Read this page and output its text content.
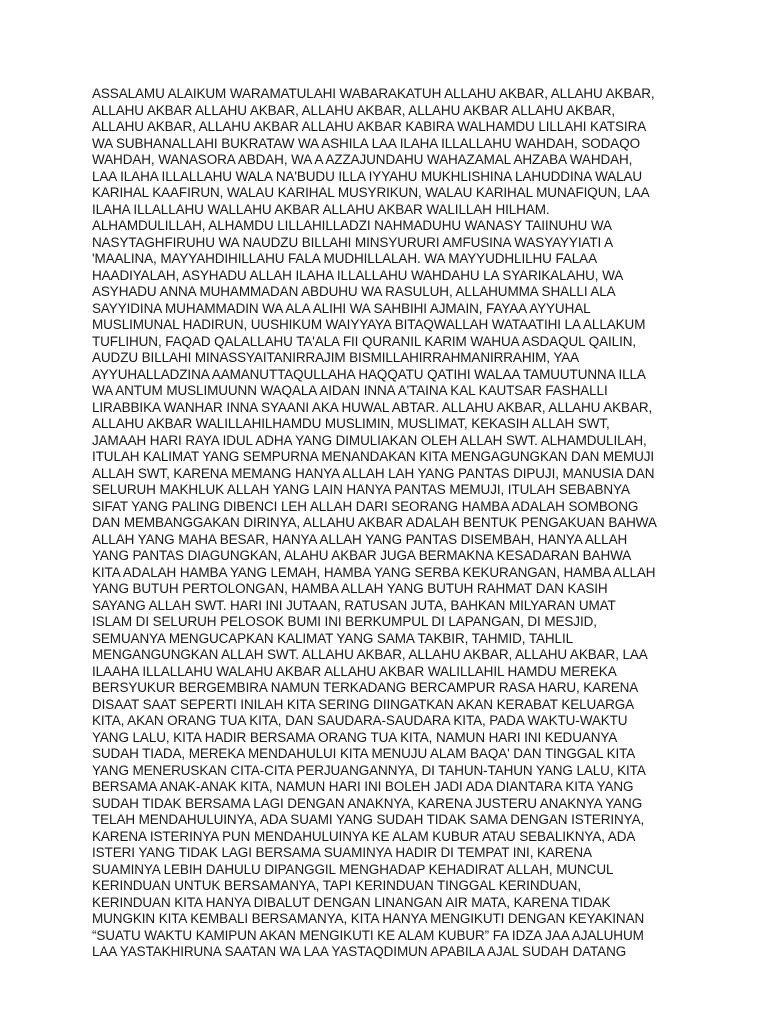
ASSALAMU ALAIKUM WARAMATULAHI WABARAKATUH ALLAHU AKBAR, ALLAHU AKBAR,
ALLAHU AKBAR ALLAHU AKBAR, ALLAHU AKBAR, ALLAHU AKBAR ALLAHU AKBAR,
ALLAHU AKBAR, ALLAHU AKBAR ALLAHU AKBAR KABIRA WALHAMDU LILLAHI KATSIRA
WA SUBHANALLAHI BUKRATAW WA ASHILA LAA ILAHA ILLALLAHU WAHDAH, SODAQO
WAHDAH, WANASORA ABDAH, WA A AZZAJUNDAHU WAHAZAMAL AHZABA WAHDAH,
LAA ILAHA ILLALLAHU WALA NA'BUDU ILLA IYYAHU MUKHLISHINA LAHUDDINA WALAU
KARIHAL KAAFIRUN, WALAU KARIHAL MUSYRIKUN, WALAU KARIHAL MUNAFIQUN, LAA
ILAHA ILLALLAHU WALLAHU AKBAR ALLAHU AKBAR WALILLAH HILHAM.
ALHAMDULILLAH, ALHAMDU LILLAHILLADZI NAHMADUHU WANASY TAIINUHU WA
NASYTAGHFIRUHU WA NAUDZU BILLAHI MINSYURURI AMFUSINA WASYAYYIATI A
'MAALINA, MAYYAHDIHILLAHU FALA MUDHILLALAH. WA MAYYUDHLILHU FALAA
HAADIYALAH, ASYHADU ALLAH ILAHA ILLALLAHU WAHDAHU LA SYARIKALAHU, WA
ASYHADU ANNA MUHAMMADAN ABDUHU WA RASULUH, ALLAHUMMA SHALLI ALA
SAYYIDINA MUHAMMADIN WA ALA ALIHI WA SAHBIHI AJMAIN, FAYAA AYYUHAL
MUSLIMUNAL HADIRUN, UUSHIKUM WAIYYAYA BITAQWALLAH WATAATIHI LA ALLAKUM
TUFLIHUN, FAQAD QALALLAHU TA'ALA FII QURANIL KARIM WAHUA ASDAQUL QAILIN,
AUDZU BILLAHI MINASSYAITANIRRAJIM BISMILLAHIRRAHMANIRRAHIM, YAA
AYYUHALLADZINA AAMANUTTAQULLAHA HAQQATU QATIHI WALAA TAMUUTUNNA ILLA
WA ANTUM MUSLIMUUNN WAQALA AIDAN INNA A'TAINA KAL KAUTSAR FASHALLI
LIRABBIKA WANHAR INNA SYAANI AKA HUWAL ABTAR. ALLAHU AKBAR, ALLAHU AKBAR,
ALLAHU AKBAR WALILLAHILHAMDU MUSLIMIN, MUSLIMAT, KEKASIH ALLAH SWT,
JAMAAH HARI RAYA IDUL ADHA YANG DIMULIAKAN OLEH ALLAH SWT. ALHAMDULILAH,
ITULAH KALIMAT YANG SEMPURNA MENANDAKAN KITA MENGAGUNGKAN DAN MEMUJI
ALLAH SWT, KARENA MEMANG HANYA ALLAH LAH YANG PANTAS DIPUJI, MANUSIA DAN
SELURUH MAKHLUK ALLAH YANG LAIN HANYA PANTAS MEMUJI, ITULAH SEBABNYA
SIFAT YANG PALING DIBENCI LEH ALLAH DARI SEORANG HAMBA ADALAH SOMBONG
DAN MEMBANGGAKAN DIRINYA, ALLAHU AKBAR ADALAH BENTUK PENGAKUAN BAHWA
ALLAH YANG MAHA BESAR, HANYA ALLAH YANG PANTAS DISEMBAH, HANYA ALLAH
YANG PANTAS DIAGUNGKAN, ALAHU AKBAR JUGA BERMAKNA KESADARAN BAHWA
KITA ADALAH HAMBA YANG LEMAH, HAMBA YANG SERBA KEKURANGAN, HAMBA ALLAH
YANG BUTUH PERTOLONGAN, HAMBA ALLAH YANG BUTUH RAHMAT DAN KASIH
SAYANG ALLAH SWT. HARI INI JUTAAN, RATUSAN JUTA, BAHKAN MILYARAN UMAT
ISLAM DI SELURUH PELOSOK BUMI INI BERKUMPUL DI LAPANGAN, DI MESJID,
SEMUANYA MENGUCAPKAN KALIMAT YANG SAMA TAKBIR, TAHMID, TAHLIL
MENGANGUNGKAN ALLAH SWT. ALLAHU AKBAR, ALLAHU AKBAR, ALLAHU AKBAR, LAA
ILAAHA ILLALLAHU WALAHU AKBAR ALLAHU AKBAR WALILLAHIL HAMDU MEREKA
BERSYUKUR BERGEMBIRA NAMUN TERKADANG BERCAMPUR RASA HARU, KARENA
DISAAT SAAT SEPERTI INILAH KITA SERING DIINGATKAN AKAN KERABAT KELUARGA
KITA, AKAN ORANG TUA KITA, DAN SAUDARA-SAUDARA KITA, PADA WAKTU-WAKTU
YANG LALU, KITA HADIR BERSAMA ORANG TUA KITA, NAMUN HARI INI KEDUANYA
SUDAH TIADA, MEREKA MENDAHULUI KITA MENUJU ALAM BAQA' DAN TINGGAL KITA
YANG MENERUSKAN CITA-CITA PERJUANGANNYA, DI TAHUN-TAHUN YANG LALU, KITA
BERSAMA ANAK-ANAK KITA, NAMUN HARI INI BOLEH JADI ADA DIANTARA KITA YANG
SUDAH TIDAK BERSAMA LAGI DENGAN ANAKNYA, KARENA JUSTERU ANAKNYA YANG
TELAH MENDAHULUINYA, ADA SUAMI YANG SUDAH TIDAK SAMA DENGAN ISTERINYA,
KARENA ISTERINYA PUN MENDAHULUINYA KE ALAM KUBUR ATAU SEBALIKNYA, ADA
ISTERI YANG TIDAK LAGI BERSAMA SUAMINYA HADIR DI TEMPAT INI, KARENA
SUAMINYA LEBIH DAHULU DIPANGGIL MENGHADAP KEHADIRAT ALLAH, MUNCUL
KERINDUAN UNTUK BERSAMANYA, TAPI KERINDUAN TINGGAL KERINDUAN,
KERINDUAN KITA HANYA DIBALUT DENGAN LINANGAN AIR MATA, KARENA TIDAK
MUNGKIN KITA KEMBALI BERSAMANYA, KITA HANYA MENGIKUTI DENGAN KEYAKINAN
“SUATU WAKTU KAMIPUN AKAN MENGIKUTI KE ALAM KUBUR” FA IDZA JAA AJALUHUM
LAA YASTAKHIRUNA SAATAN WA LAA YASTAQDIMUN APABILA AJAL SUDAH DATANG
